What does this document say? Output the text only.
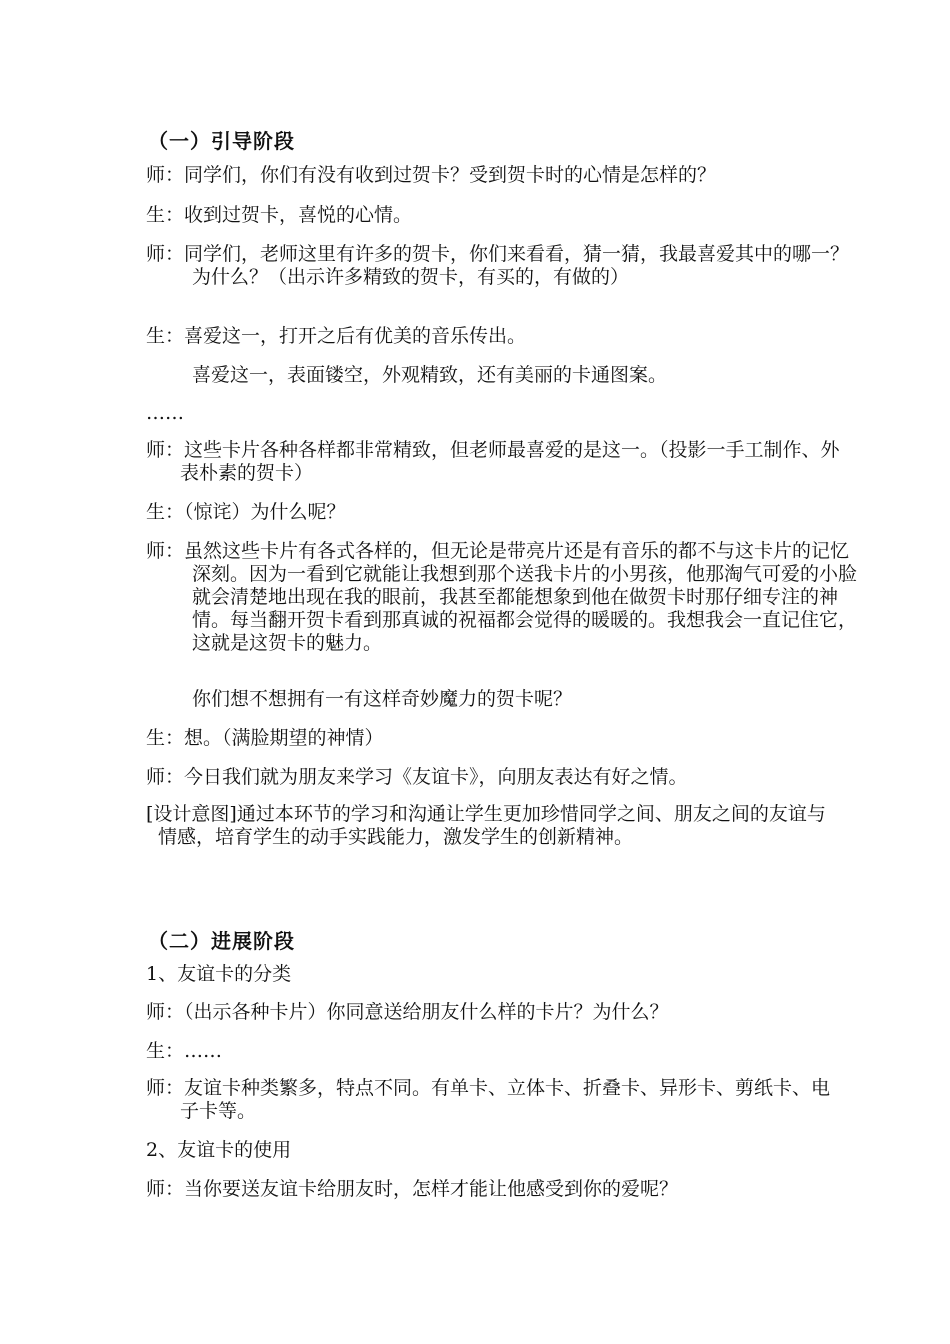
（一）引导阶段
师：同学们，你们有没有收到过贺卡？受到贺卡时的心情是怎样的？
生：收到过贺卡，喜悦的心情。
师：同学们，老师这里有许多的贺卡，你们来看看，猜一猜，我最喜爱其中的哪一？为什么？（出示许多精致的贺卡，有买的，有做的）
生：喜爱这一，打开之后有优美的音乐传出。
喜爱这一，表面镂空，外观精致，还有美丽的卡通图案。
……
师：这些卡片各种各样都非常精致，但老师最喜爱的是这一。（投影一手工制作、外表朴素的贺卡）
生：（惊诧）为什么呢？
师：虽然这些卡片有各式各样的，但无论是带亮片还是有音乐的都不与这卡片的记忆深刻。因为一看到它就能让我想到那个送我卡片的小男孩，他那淘气可爱的小脸就会清楚地出现在我的眼前，我甚至都能想象到他在做贺卡时那仔细专注的神情。每当翻开贺卡看到那真诚的祝福都会觉得的暖暖的。我想我会一直记住它，这就是这贺卡的魅力。
你们想不想拥有一有这样奇妙魔力的贺卡呢？
生：想。（满脸期望的神情）
师：今日我们就为朋友来学习《友谊卡》，向朋友表达有好之情。
[设计意图]通过本环节的学习和沟通让学生更加珍惜同学之间、朋友之间的友谊与情感，培育学生的动手实践能力，激发学生的创新精神。
（二）进展阶段
1、友谊卡的分类
师：（出示各种卡片）你同意送给朋友什么样的卡片？为什么？
生：……
师：友谊卡种类繁多，特点不同。有单卡、立体卡、折叠卡、异形卡、剪纸卡、电子卡等。
2、友谊卡的使用
师：当你要送友谊卡给朋友时，怎样才能让他感受到你的爱呢？
